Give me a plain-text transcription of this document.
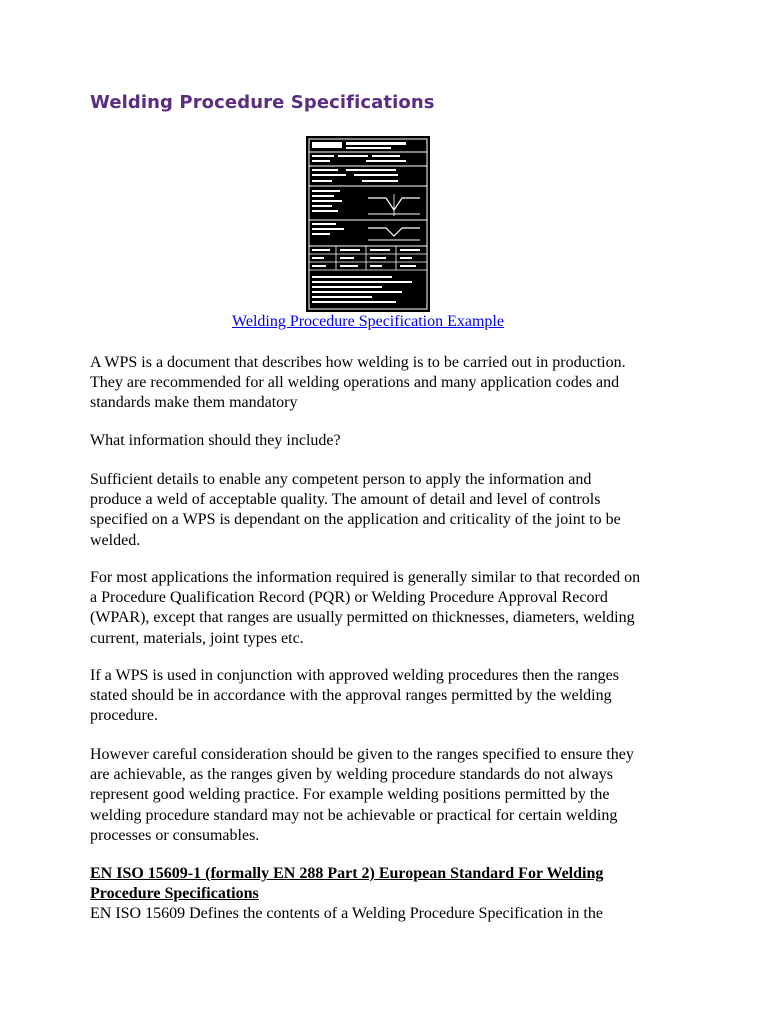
Welding Procedure Specifications
Welding Procedure Specification Example

A WPS is a document that describes how welding is to be carried out in production. They are recommended for all welding operations and many application codes and standards make them mandatory

What information should they include?

Sufficient details to enable any competent person to apply the information and produce a weld of acceptable quality. The amount of detail and level of controls specified on a WPS is dependant on the application and criticality of the joint to be welded.

For most applications the information required is generally similar to that recorded on a Procedure Qualification Record (PQR) or Welding Procedure Approval Record (WPAR), except that ranges are usually permitted on thicknesses, diameters, welding current, materials, joint types etc.

If a WPS is used in conjunction with approved welding procedures then the ranges stated should be in accordance with the approval ranges permitted by the welding procedure.

However careful consideration should be given to the ranges specified to ensure they are achievable, as the ranges given by welding procedure standards do not always represent good welding practice. For example welding positions permitted by the welding procedure standard may not be achievable or practical for certain welding processes or consumables.

EN ISO 15609-1 (formally EN 288 Part 2) European Standard For Welding Procedure Specifications

EN ISO 15609 Defines the contents of a Welding Procedure Specification in the
